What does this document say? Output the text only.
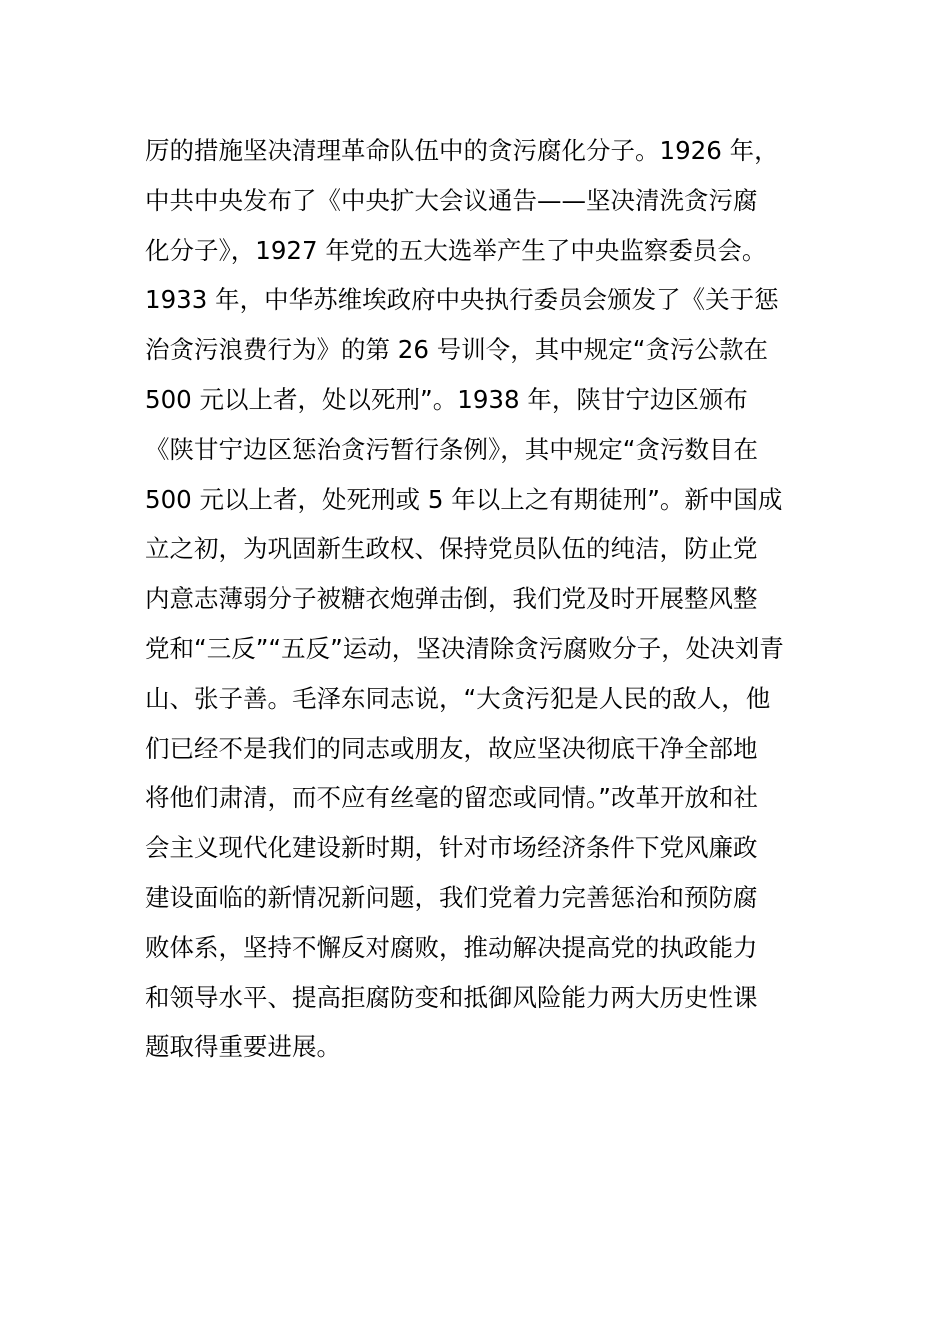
厉的措施坚决清理革命队伍中的贪污腐化分子。1926 年，
中共中央发布了《中央扩大会议通告——坚决清洗贪污腐
化分子》，1927 年党的五大选举产生了中央监察委员会。
1933 年，中华苏维埃政府中央执行委员会颁发了《关于惩
治贪污浪费行为》的第 26 号训令，其中规定“贪污公款在
500 元以上者，处以死刑”。1938 年，陕甘宁边区颁布
《陕甘宁边区惩治贪污暂行条例》，其中规定“贪污数目在
500 元以上者，处死刑或 5 年以上之有期徒刑”。新中国成
立之初，为巩固新生政权、保持党员队伍的纯洁，防止党
内意志薄弱分子被糖衣炮弹击倒，我们党及时开展整风整
党和“三反”“五反”运动，坚决清除贪污腐败分子，处决刘青
山、张子善。毛泽东同志说，“大贪污犯是人民的敌人，他
们已经不是我们的同志或朋友，故应坚决彻底干净全部地
将他们肃清，而不应有丝毫的留恋或同情。”改革开放和社
会主义现代化建设新时期，针对市场经济条件下党风廉政
建设面临的新情况新问题，我们党着力完善惩治和预防腐
败体系，坚持不懈反对腐败，推动解决提高党的执政能力
和领导水平、提高拒腐防变和抵御风险能力两大历史性课
题取得重要进展。
